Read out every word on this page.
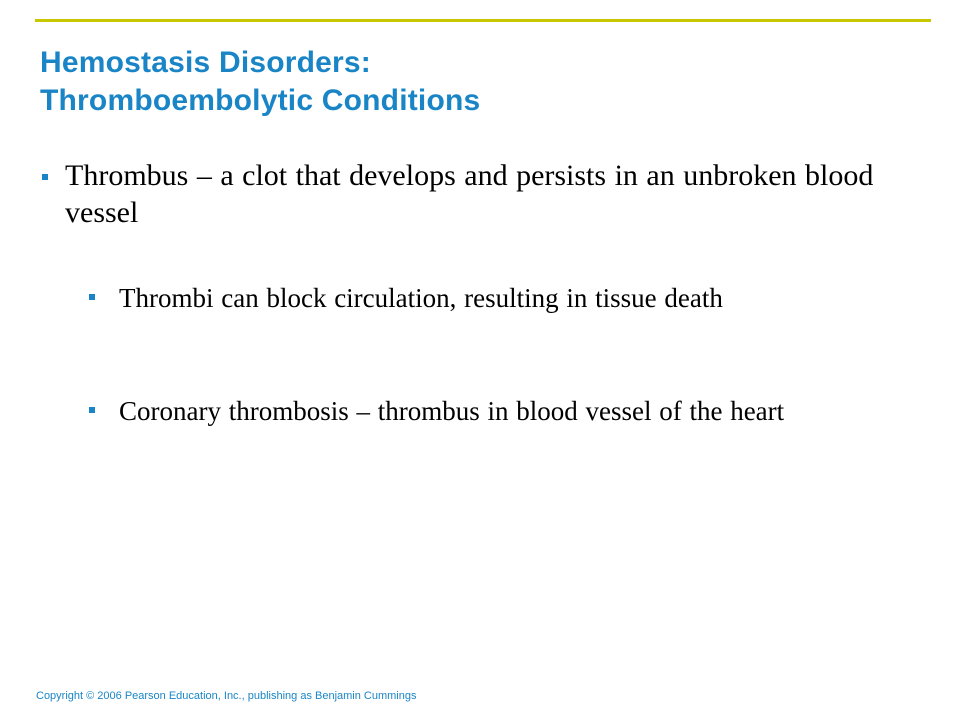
Hemostasis Disorders:
Thromboembolytic Conditions
Thrombus – a clot that develops and persists in an unbroken blood vessel
Thrombi can block circulation, resulting in tissue death
Coronary thrombosis – thrombus in blood vessel of the heart
Copyright © 2006 Pearson Education, Inc., publishing as Benjamin Cummings
